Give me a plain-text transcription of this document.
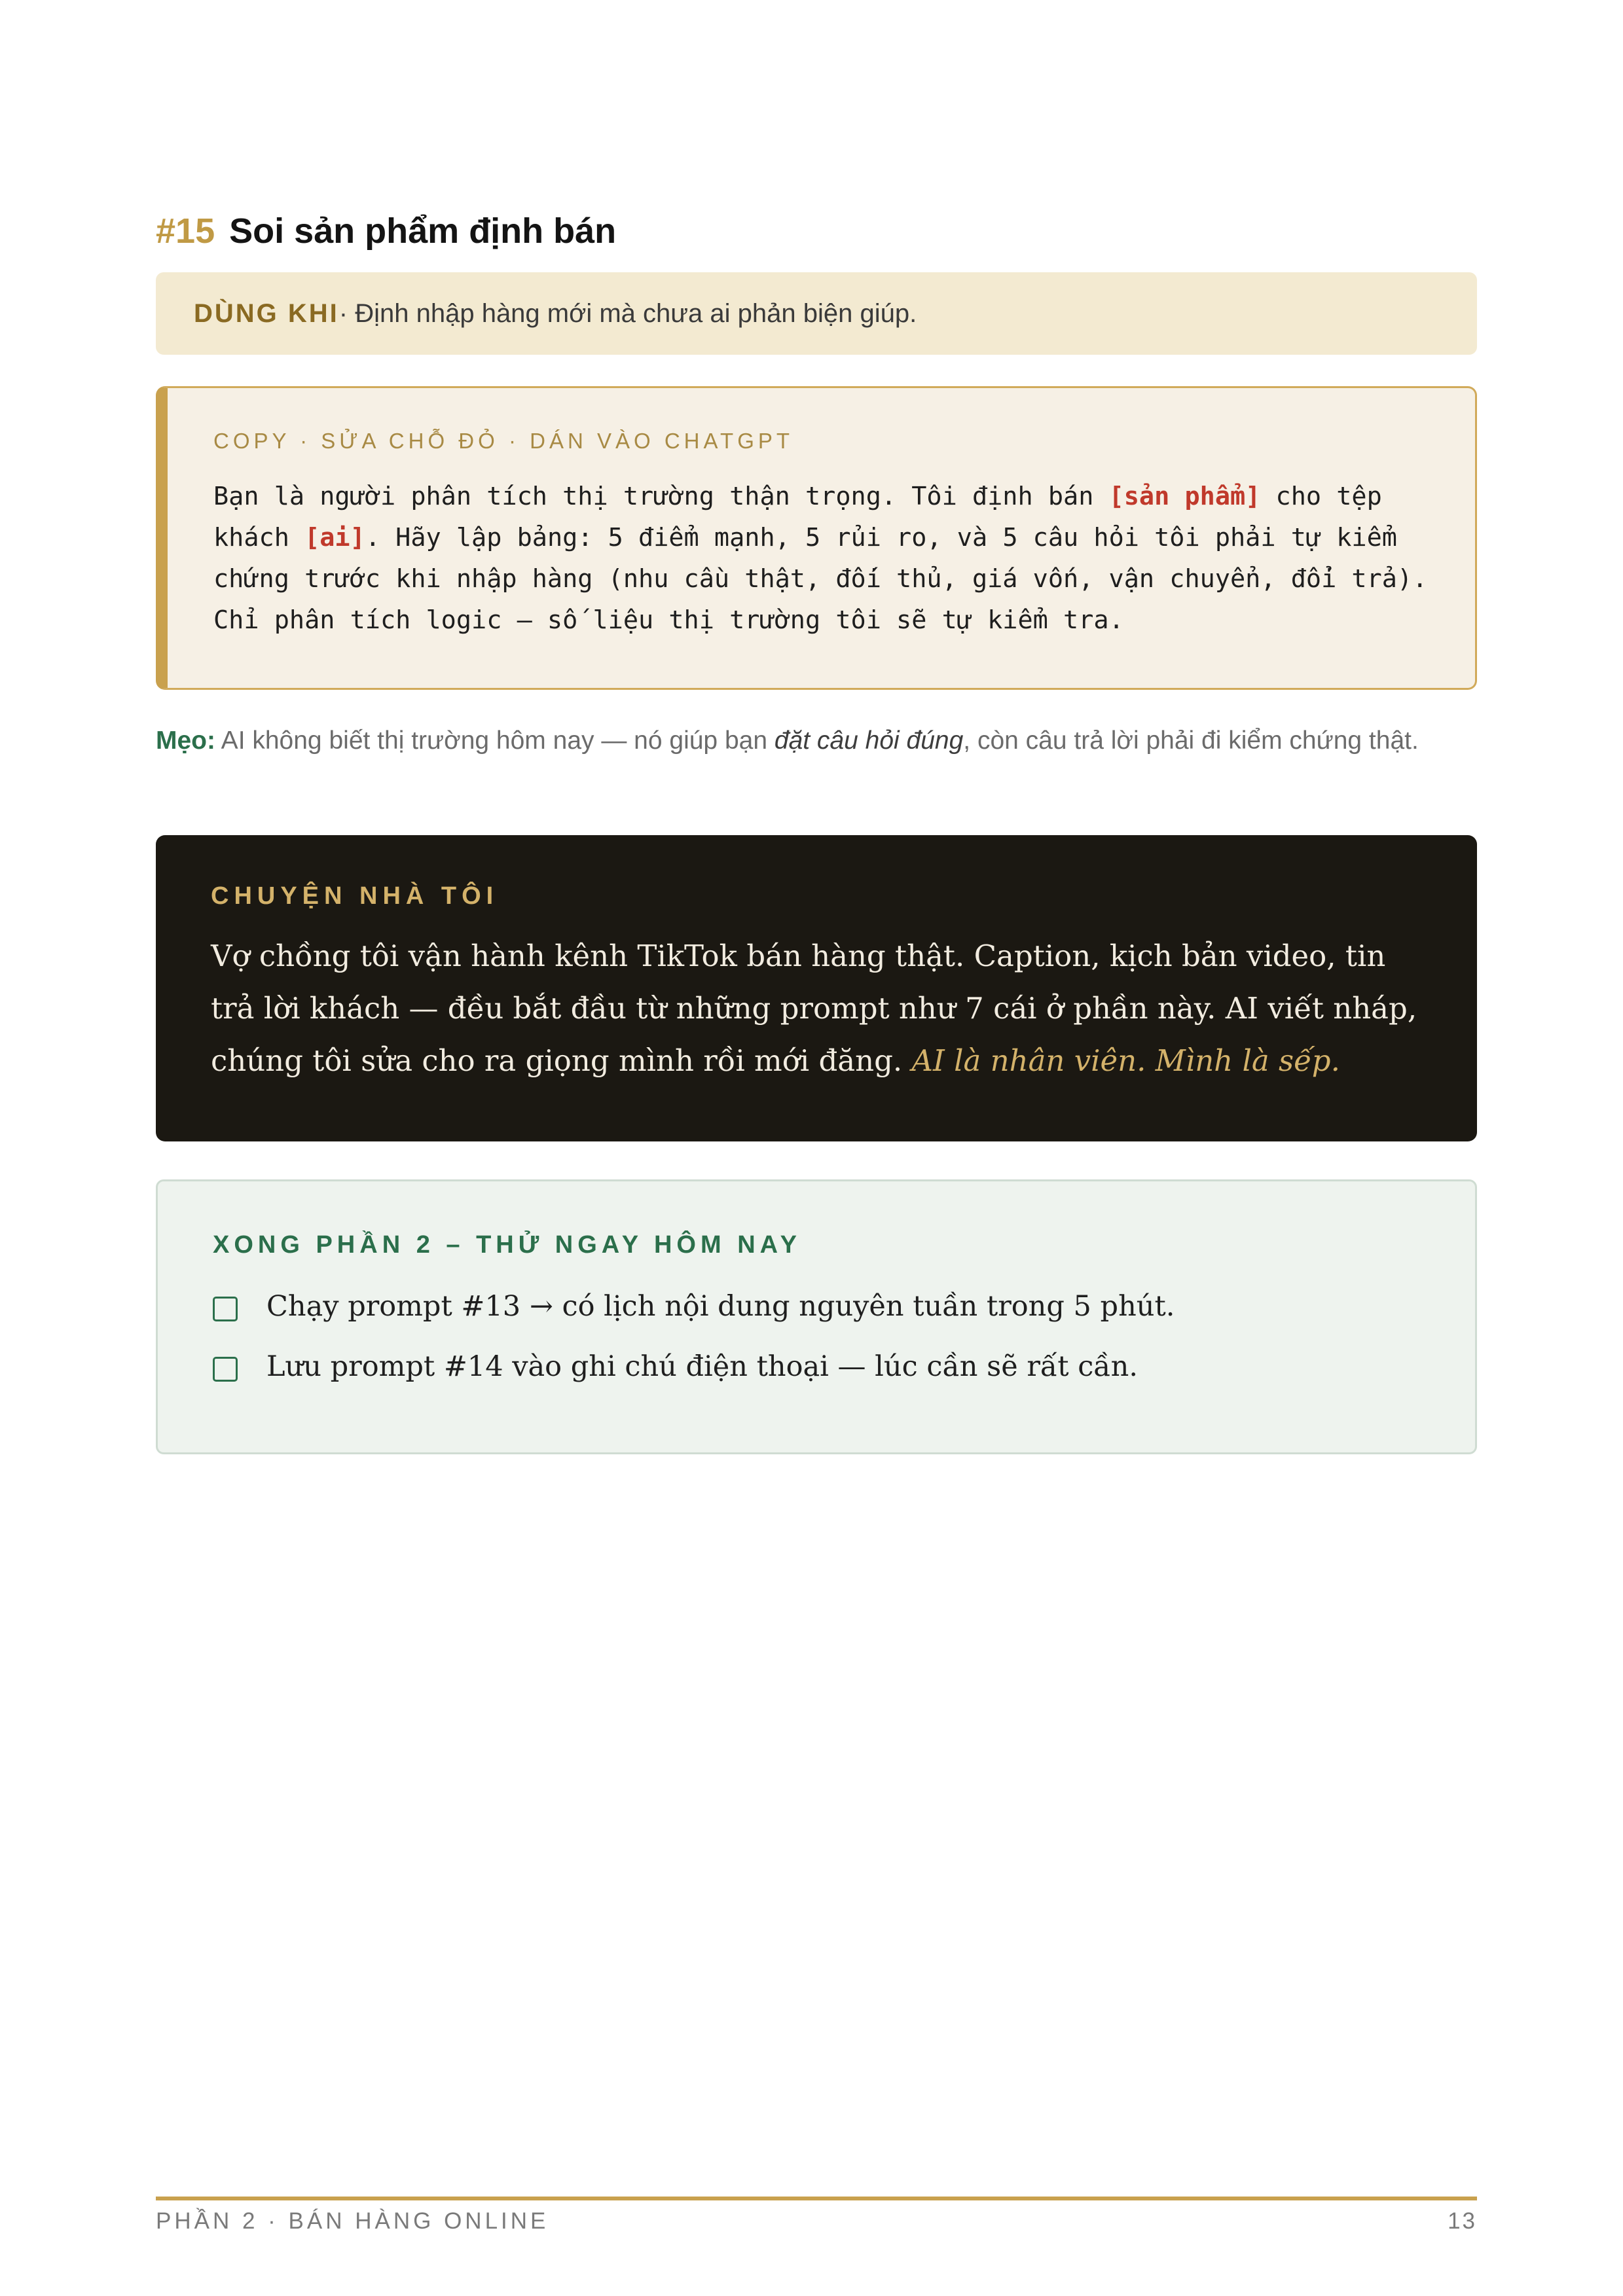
#15 Soi sản phẩm định bán
DÙNG KHI · Định nhập hàng mới mà chưa ai phản biện giúp.
COPY · SỬA CHỖ ĐỎ · DÁN VÀO CHATGPT
Bạn là người phân tích thị trường thận trọng. Tôi định bán [sản phẩm] cho tệp khách [ai]. Hãy lập bảng: 5 điểm mạnh, 5 rủi ro, và 5 câu hỏi tôi phải tự kiểm chứng trước khi nhập hàng (nhu cầu thật, đối thủ, giá vốn, vận chuyển, đổi trả). Chỉ phân tích logic — số liệu thị trường tôi sẽ tự kiểm tra.
Mẹo: AI không biết thị trường hôm nay — nó giúp bạn đặt câu hỏi đúng, còn câu trả lời phải đi kiểm chứng thật.
CHUYỆN NHÀ TÔI
Vợ chồng tôi vận hành kênh TikTok bán hàng thật. Caption, kịch bản video, tin trả lời khách — đều bắt đầu từ những prompt như 7 cái ở phần này. AI viết nháp, chúng tôi sửa cho ra giọng mình rồi mới đăng. AI là nhân viên. Mình là sếp.
XONG PHẦN 2 – THỬ NGAY HÔM NAY
Chạy prompt #13 → có lịch nội dung nguyên tuần trong 5 phút.
Lưu prompt #14 vào ghi chú điện thoại — lúc cần sẽ rất cần.
PHẦN 2 · BÁN HÀNG ONLINE	13
